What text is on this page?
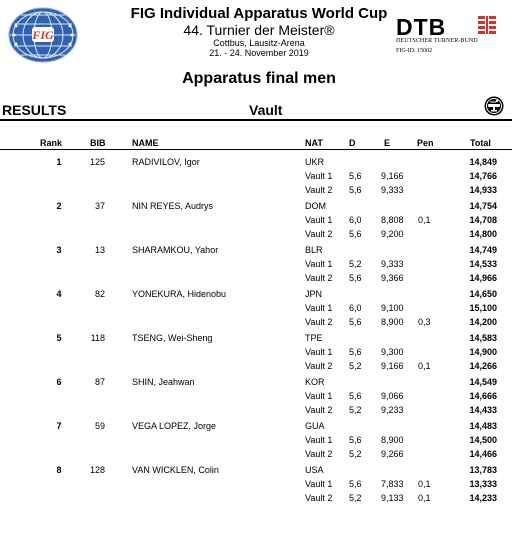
FIG	DTB
DEUTSCHER TURNER-BUND
FIG-ID: 15002
FIG Individual Apparatus World Cup
44. Turnier der Meister®
Cottbus, Lausitz-Arena
21. - 24. November 2019
Apparatus final men
RESULTS	Vault
Rank	BIB	NAME	NAT	D	E	Pen	Total
1	125	RADIVILOV, Igor	UKR	14,849
Vault 1 5,6 9,166	14,766
Vault 2 5,6 9,333	14,933
2	37	NIN REYES, Audrys	DOM	14,754
Vault 1 6,0 8,808 0,1	14,708
Vault 2 5,6 9,200	14,800
3	13	SHARAMKOU, Yahor	BLR	14,749
Vault 1 5,2 9,333	14,533
Vault 2 5,6 9,366	14,966
4	82	YONEKURA, Hidenobu	JPN	14,650
Vault 1 6,0 9,100	15,100
Vault 2 5,6 8,900 0,3	14,200
5	118	TSENG, Wei-Sheng	TPE	14,583
Vault 1 5,6 9,300	14,900
Vault 2 5,2 9,166 0,1	14,266
6	87	SHIN, Jeahwan	KOR	14,549
Vault 1 5,6 9,066	14,666
Vault 2 5,2 9,233	14,433
7	59	VEGA LOPEZ, Jorge	GUA	14,483
Vault 1 5,6 8,900	14,500
Vault 2 5,2 9,266	14,466
8	128	VAN WICKLEN, Colin	USA	13,783
Vault 1 5,6 7,833 0,1	13,333
Vault 2 5,2 9,133 0,1	14,233
